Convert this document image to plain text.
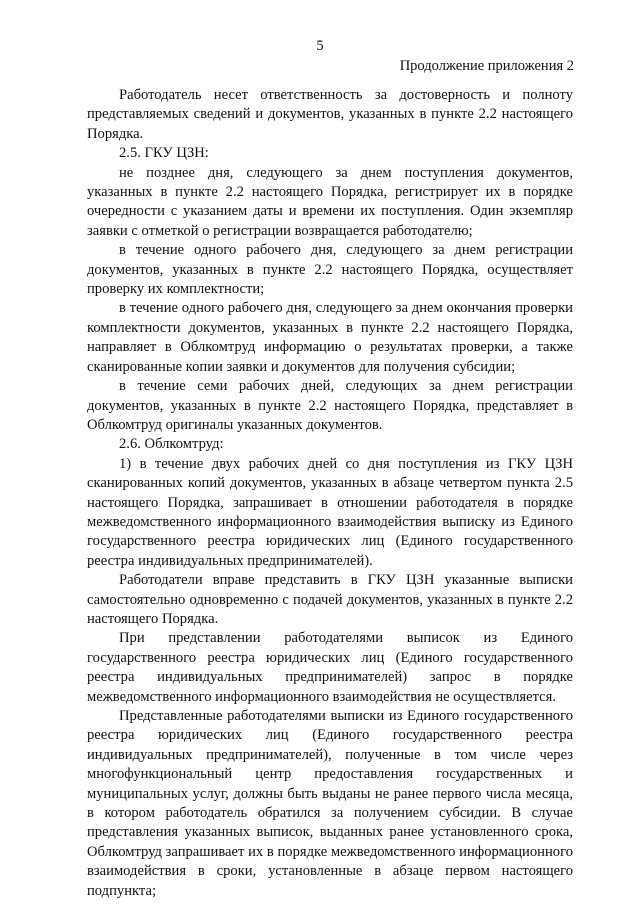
5
Продолжение приложения 2

Работодатель несет ответственность за достоверность и полноту представляемых сведений и документов, указанных в пункте 2.2 настоящего Порядка.

2.5. ГКУ ЦЗН:

не позднее дня, следующего за днем поступления документов, указанных в пункте 2.2 настоящего Порядка, регистрирует их в порядке очередности с указанием даты и времени их поступления. Один экземпляр заявки с отметкой о регистрации возвращается работодателю;

в течение одного рабочего дня, следующего за днем регистрации документов, указанных в пункте 2.2 настоящего Порядка, осуществляет проверку их комплектности;

в течение одного рабочего дня, следующего за днем окончания проверки комплектности документов, указанных в пункте 2.2 настоящего Порядка, направляет в Облкомтруд информацию о результатах проверки, а также сканированные копии заявки и документов для получения субсидии;

в течение семи рабочих дней, следующих за днем регистрации документов, указанных в пункте 2.2 настоящего Порядка, представляет в Облкомтруд оригиналы указанных документов.

2.6. Облкомтруд:

1) в течение двух рабочих дней со дня поступления из ГКУ ЦЗН сканированных копий документов, указанных в абзаце четвертом пункта 2.5 настоящего Порядка, запрашивает в отношении работодателя в порядке межведомственного информационного взаимодействия выписку из Единого государственного реестра юридических лиц (Единого государственного реестра индивидуальных предпринимателей).

Работодатели вправе представить в ГКУ ЦЗН указанные выписки самостоятельно одновременно с подачей документов, указанных в пункте 2.2 настоящего Порядка.

При представлении работодателями выписок из Единого государственного реестра юридических лиц (Единого государственного реестра индивидуальных предпринимателей) запрос в порядке межведомственного информационного взаимодействия не осуществляется.

Представленные работодателями выписки из Единого государственного реестра юридических лиц (Единого государственного реестра индивидуальных предпринимателей), полученные в том числе через многофункциональный центр предоставления государственных и муниципальных услуг, должны быть выданы не ранее первого числа месяца, в котором работодатель обратился за получением субсидии. В случае представления указанных выписок, выданных ранее установленного срока, Облкомтруд запрашивает их в порядке межведомственного информационного взаимодействия в сроки, установленные в абзаце первом настоящего подпункта;
